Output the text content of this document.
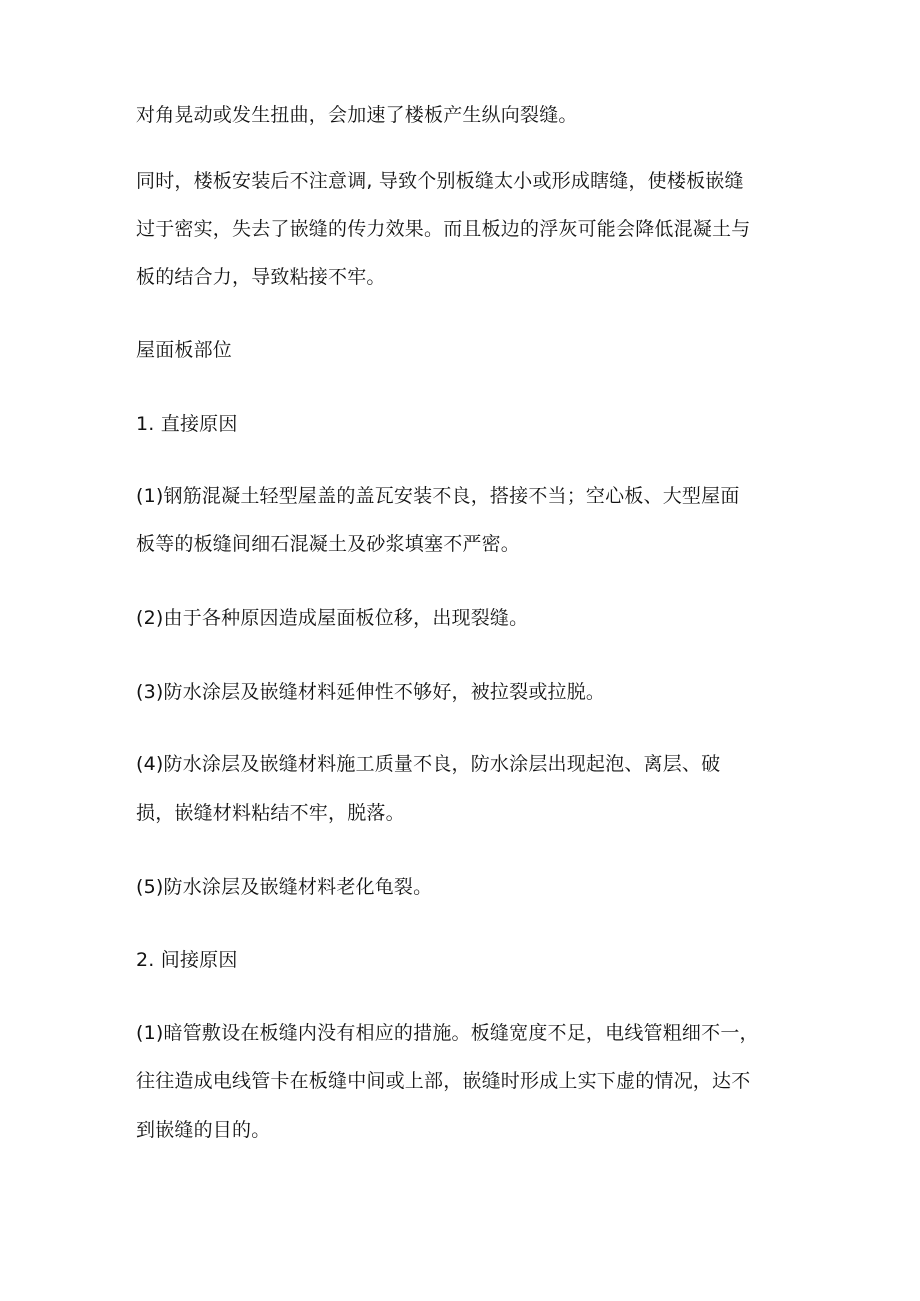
对角晃动或发生扭曲，会加速了楼板产生纵向裂缝。
同时，楼板安装后不注意调, 导致个别板缝太小或形成瞎缝，使楼板嵌缝
过于密实，失去了嵌缝的传力效果。而且板边的浮灰可能会降低混凝土与
板的结合力，导致粘接不牢。
屋面板部位
1. 直接原因
(1)钢筋混凝土轻型屋盖的盖瓦安装不良，搭接不当；空心板、大型屋面
板等的板缝间细石混凝土及砂浆填塞不严密。
(2)由于各种原因造成屋面板位移，出现裂缝。
(3)防水涂层及嵌缝材料延伸性不够好，被拉裂或拉脱。
(4)防水涂层及嵌缝材料施工质量不良，防水涂层出现起泡、离层、破
损，嵌缝材料粘结不牢，脱落。
(5)防水涂层及嵌缝材料老化龟裂。
2. 间接原因
(1)暗管敷设在板缝内没有相应的措施。板缝宽度不足，电线管粗细不一，
往往造成电线管卡在板缝中间或上部，嵌缝时形成上实下虚的情况，达不
到嵌缝的目的。
